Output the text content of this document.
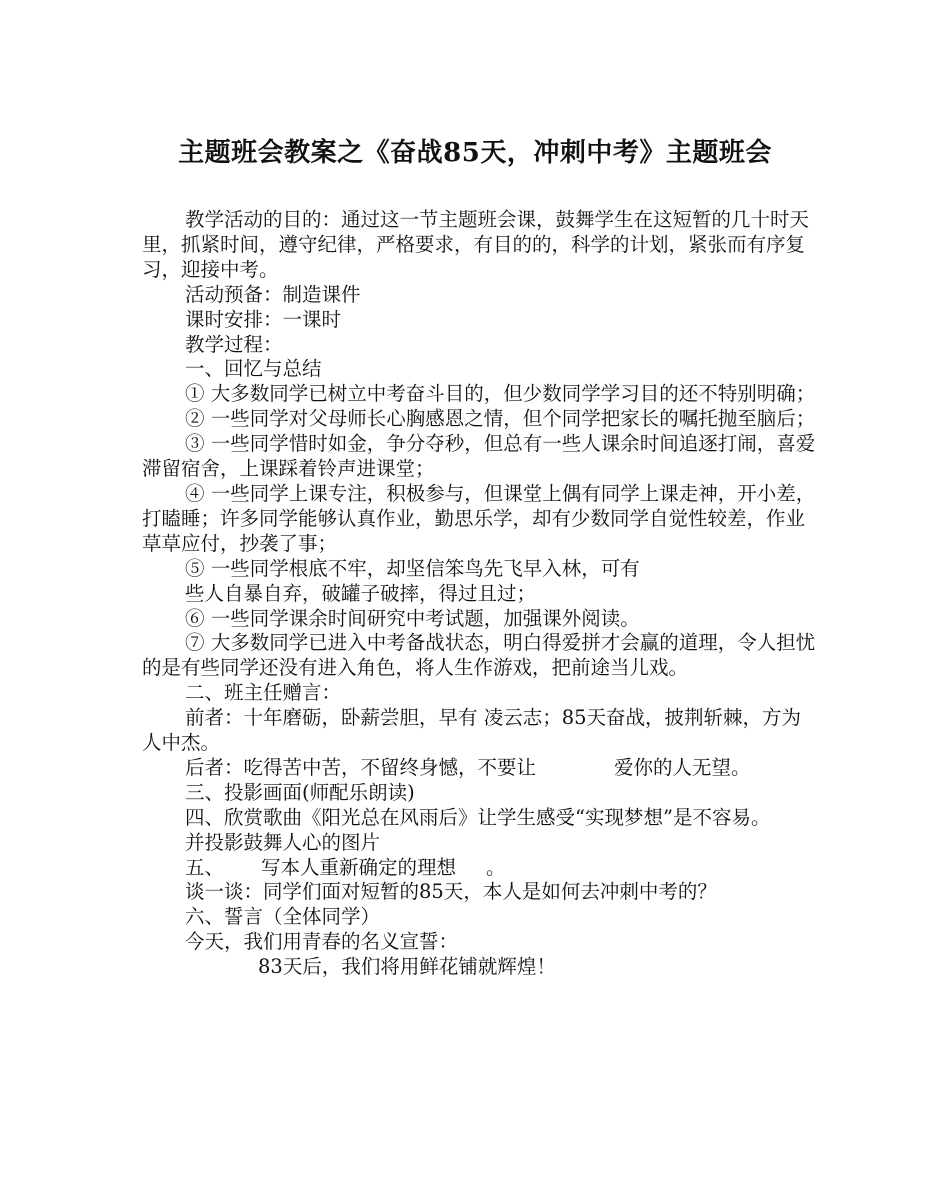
主题班会教案之《奋战85天，冲刺中考》主题班会

教学活动的目的：通过这一节主题班会课，鼓舞学生在这短暂的几十时天里，抓紧时间，遵守纪律，严格要求，有目的的，科学的计划，紧张而有序复习，迎接中考。

活动预备：制造课件

课时安排：一课时

教学过程：

一、回忆与总结

① 大多数同学已树立中考奋斗目的，但少数同学学习目的还不特别明确；

② 一些同学对父母师长心胸感恩之情，但个同学把家长的嘱托抛至脑后；

③ 一些同学惜时如金，争分夺秒，但总有一些人课余时间追逐打闹，喜爱滞留宿舍，上课踩着铃声进课堂；

④ 一些同学上课专注，积极参与，但课堂上偶有同学上课走神，开小差，打瞌睡；许多同学能够认真作业，勤思乐学，却有少数同学自觉性较差，作业草草应付，抄袭了事；

⑤ 一些同学根底不牢，却坚信笨鸟先飞早入林，可有

些人自暴自弃，破罐子破摔，得过且过；

⑥ 一些同学课余时间研究中考试题，加强课外阅读。

⑦ 大多数同学已进入中考备战状态，明白得爱拼才会赢的道理，令人担忧的是有些同学还没有进入角色，将人生作游戏，把前途当儿戏。

二、班主任赠言：

前者：十年磨砺，卧薪尝胆，早有 凌云志；85天奋战，披荆斩棘，方为人中杰。

后者：吃得苦中苦，不留终身憾，不要让	爱你的人无望。

三、投影画面(师配乐朗读)

四、欣赏歌曲《阳光总在风雨后》让学生感受“实现梦想”是不容易。

并投影鼓舞人心的图片

五、 写本人重新确定的理想 。

谈一谈：同学们面对短暂的85天，本人是如何去冲刺中考的？

六、誓言（全体同学）

今天，我们用青春的名义宣誓：

83天后，我们将用鲜花铺就辉煌！
